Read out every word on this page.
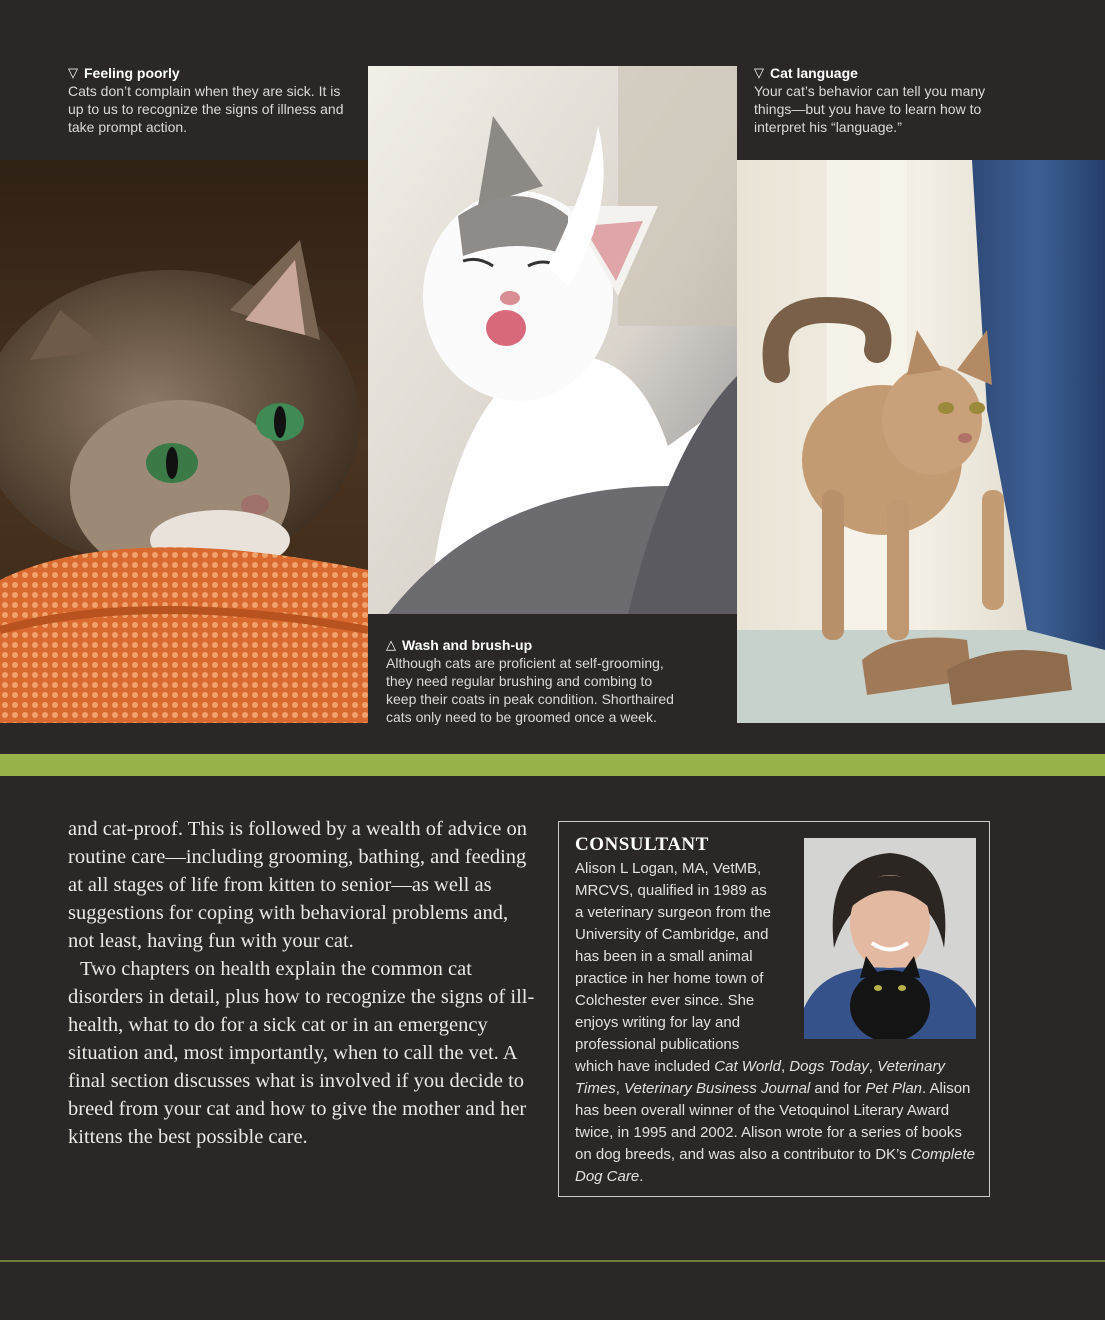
▽ Feeling poorly
Cats don’t complain when they are sick. It is
up to us to recognize the signs of illness and
take prompt action.
▽ Cat language
Your cat’s behavior can tell you many
things—but you have to learn how to
interpret his “language.”
△ Wash and brush-up
Although cats are proficient at self-grooming,
they need regular brushing and combing to
keep their coats in peak condition. Shorthaired
cats only need to be groomed once a week.

and cat-proof. This is followed by a wealth of advice on routine care—including grooming, bathing, and feeding at all stages of life from kitten to senior—as well as suggestions for coping with behavioral problems and, not least, having fun with your cat.

Two chapters on health explain the common cat disorders in detail, plus how to recognize the signs of ill-health, what to do for a sick cat or in an emergency situation and, most importantly, when to call the vet. A final section discusses what is involved if you decide to breed from your cat and how to give the mother and her kittens the best possible care.

CONSULTANT
Alison L Logan, MA, VetMB,
MRCVS, qualified in 1989 as
a veterinary surgeon from the
University of Cambridge, and
has been in a small animal
practice in her home town of
Colchester ever since. She
enjoys writing for lay and
professional publications
which have included Cat World, Dogs Today, Veterinary Times, Veterinary Business Journal and for Pet Plan. Alison has been overall winner of the Vetoquinol Literary Award twice, in 1995 and 2002. Alison wrote for a series of books on dog breeds, and was also a contributor to DK’s Complete Dog Care.
